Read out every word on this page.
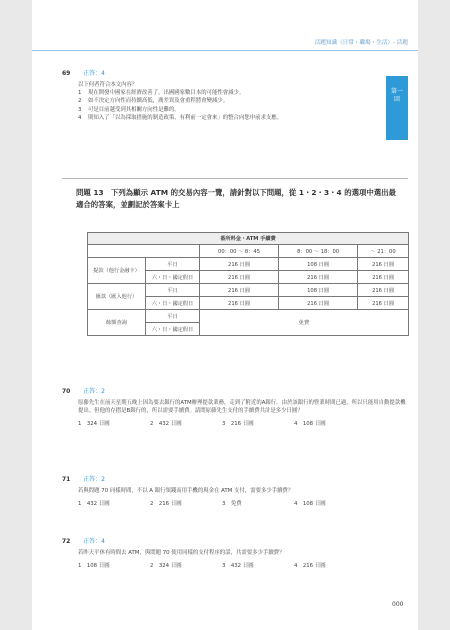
活題知識（日常・職場・生活）- 活題
69 正答：4
以下何者符合本文內容？
1	現在開發中國家在經濟改善了，出國國家數目本的可能性會減少。
2	如不決定方向性而持續高低，廣差異及會重程將會變減少。
3	可是目前越受到其相關方向性是難的。
4	則知入了「以為採取措施的制造政策，有利前一定會來」的整合向您申前求支應。
問題 13　下列為顯示 ATM 的交易內容一覽，請針對以下問題，從 1・2・3・4 的選項中選出最適合的答案，並劃記於答案卡上
番所料金・ATM 手續費				
		00：00 ～ 8：45	8：00 ～ 18：00	～ 21：00
提款（他行金融卡）	平日	216 日圓	108 日圓	216 日圓
	六・日・國定假日	216 日圓	216 日圓	216 日圓
匯款（匯入他行）	平日	216 日圓	108 日圓	216 日圓
	六・日・國定假日	216 日圓	216 日圓	216 日圓
餘額查詢	平日	免費		
	六・日・國定假日			
70 正答：2
原藤先生在前天星期五晚上因為要去銀行的ATM辦理提款業務，走到了附近的A銀行。由於該銀行的營業時間已過，所以只能用自動提款機提出。但他的存摺是B銀行的，所以需要手續費。請問原藤先生支付的手續費共計是多少日圓？
1　324 日圓	2　432 日圓	3　216 日圓	4　108 日圓
71 正答：2
若與問題 70 同樣時間，不以 A 銀行領錢而用手機的現金在 ATM 支付，需要多少手續費？
1　432 日圓	2　216 日圓	3　免費	4　108 日圓
72 正答：4
若昨天平休有時間去 ATM，與問題 70 使用同樣的支付程序的話，共需要多少手續費？
1　108 日圓	2　324 日圓	3　432 日圓	4　216 日圓
000
第一
回
